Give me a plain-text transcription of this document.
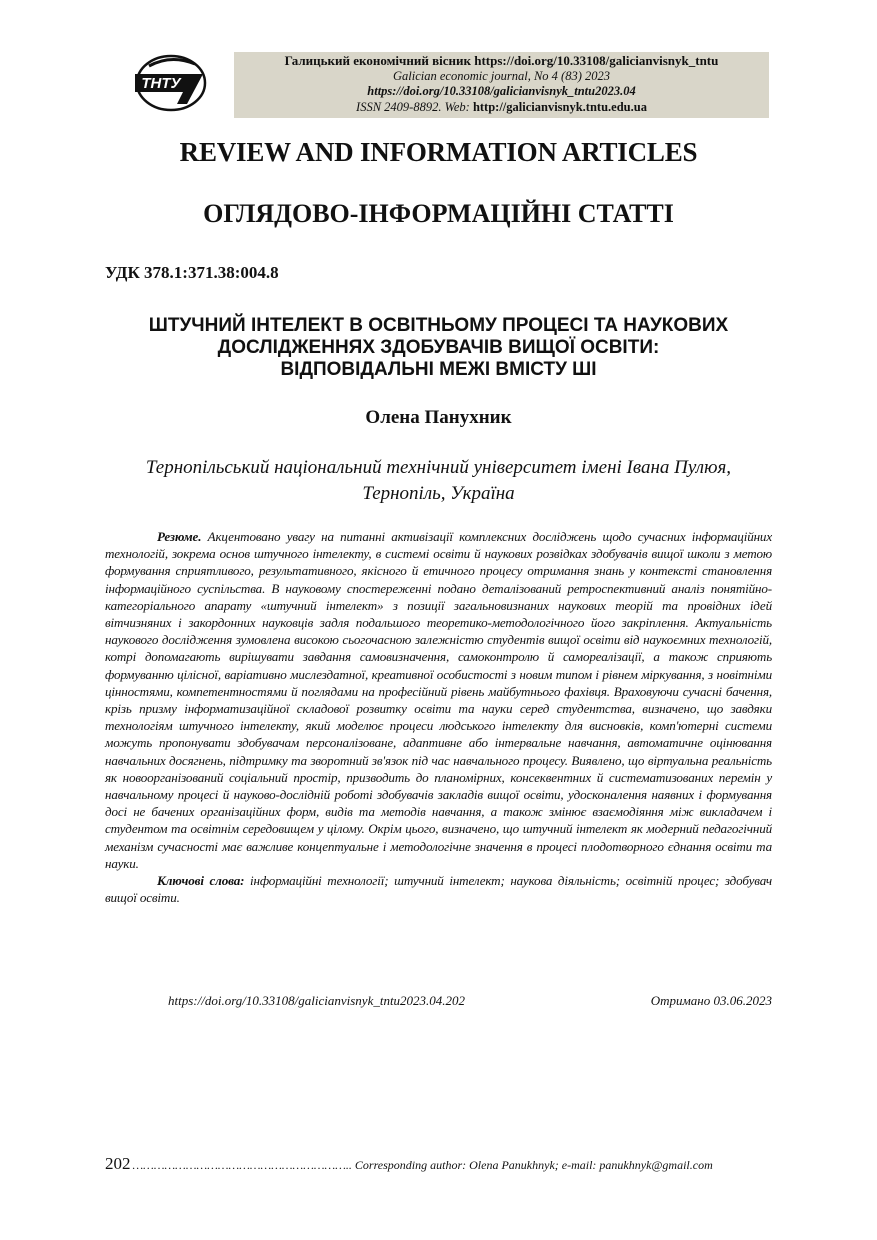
ТНТУ
Галицький економічний вісник https://doi.org/10.33108/galicianvisnyk_tntu
Galician economic journal, No 4 (83) 2023
https://doi.org/10.33108/galicianvisnyk_tntu2023.04
ISSN 2409-8892. Web: http://galicianvisnyk.tntu.edu.ua
REVIEW AND INFORMATION ARTICLES
ОГЛЯДОВО-ІНФОРМАЦІЙНІ СТАТТІ
УДК 378.1:371.38:004.8
ШТУЧНИЙ ІНТЕЛЕКТ В ОСВІТНЬОМУ ПРОЦЕСІ ТА НАУКОВИХ
ДОСЛІДЖЕННЯХ ЗДОБУВАЧІВ ВИЩОЇ ОСВІТИ:
ВІДПОВІДАЛЬНІ МЕЖІ ВМІСТУ ШІ
Олена Панухник
Тернопільський національний технічний університет імені Івана Пулюя,
Тернопіль, Україна

Резюме. Акцентовано увагу на питанні активізації комплексних досліджень щодо сучасних інформаційних технологій, зокрема основ штучного інтелекту, в системі освіти й наукових розвідках здобувачів вищої школи з метою формування сприятливого, результативного, якісного й етичного процесу отримання знань у контексті становлення інформаційного суспільства. В науковому спостереженні подано деталізований ретроспективний аналіз понятійно-категоріального апарату «штучний інтелект» з позиції загальновизнаних наукових теорій та провідних ідей вітчизняних і закордонних науковців задля подальшого теоретико-методологічного його закріплення. Актуальність наукового дослідження зумовлена високою сьогочасною залежністю студентів вищої освіти від наукоємних технологій, котрі допомагають вирішувати завдання самовизначення, самоконтролю й самореалізації, а також сприяють формуванню цілісної, варіативно мислездатної, креативної особистості з новим типом і рівнем міркування, з новітніми цінностями, компетентностями й поглядами на професійний рівень майбутнього фахівця. Враховуючи сучасні бачення, крізь призму інформатизаційної складової розвитку освіти та науки серед студентства, визначено, що завдяки технологіям штучного інтелекту, який моделює процеси людського інтелекту для висновків, комп'ютерні системи можуть пропонувати здобувачам персоналізоване, адаптивне або інтервальне навчання, автоматичне оцінювання навчальних досягнень, підтримку та зворотний зв'язок під час навчального процесу. Виявлено, що віртуальна реальність як новоорганізований соціальний простір, призводить до планомірних, консеквентних й систематизованих перемін у навчальному процесі й науково-дослідній роботі здобувачів закладів вищої освіти, удосконалення наявних і формування досі не бачених організаційних форм, видів та методів навчання, а також змінює взаємодіяння між викладачем і студентом та освітнім середовищем у цілому. Окрім цього, визначено, що штучний інтелект як модерний педагогічний механізм сучасності має важливе концептуальне і методологічне значення в процесі плодотворного єднання освіти та науки.

Ключові слова: інформаційні технології; штучний інтелект; наукова діяльність; освітній процес; здобувач вищої освіти.

https://doi.org/10.33108/galicianvisnyk_tntu2023.04.202	Отримано 03.06.2023
202 …………………………………………………….. Corresponding author: Olena Panukhnyk; e-mail: panukhnyk@gmail.com
